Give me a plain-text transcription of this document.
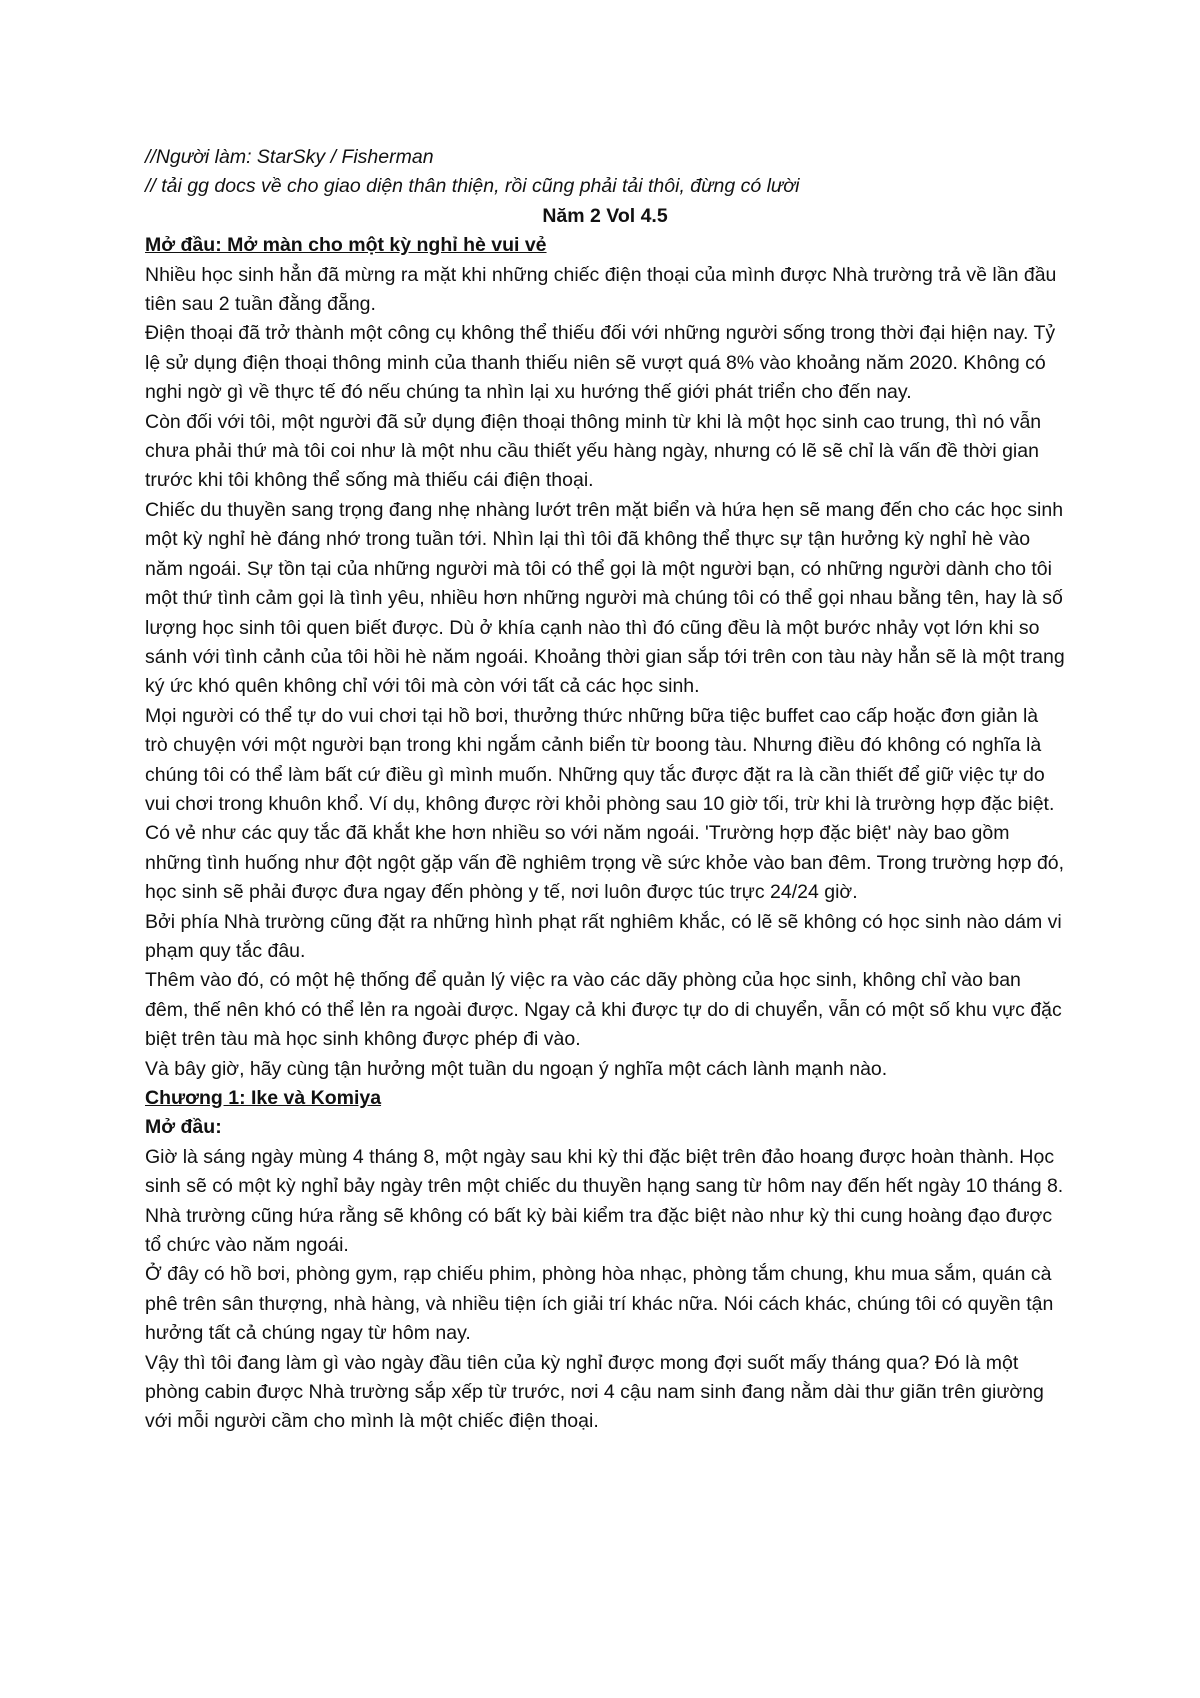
//Người làm: StarSky / Fisherman

// tải gg docs về cho giao diện thân thiện, rồi cũng phải tải thôi, đừng có lười

Năm 2 Vol 4.5

Mở đầu: Mở màn cho một kỳ nghỉ hè vui vẻ

Nhiều học sinh hẳn đã mừng ra mặt khi những chiếc điện thoại của mình được Nhà trường trả về lần đầu tiên sau 2 tuần đằng đẵng.

Điện thoại đã trở thành một công cụ không thể thiếu đối với những người sống trong thời đại hiện nay. Tỷ lệ sử dụng điện thoại thông minh của thanh thiếu niên sẽ vượt quá 8% vào khoảng năm 2020. Không có nghi ngờ gì về thực tế đó nếu chúng ta nhìn lại xu hướng thế giới phát triển cho đến nay.

Còn đối với tôi, một người đã sử dụng điện thoại thông minh từ khi là một học sinh cao trung, thì nó vẫn chưa phải thứ mà tôi coi như là một nhu cầu thiết yếu hàng ngày, nhưng có lẽ sẽ chỉ là vấn đề thời gian trước khi tôi không thể sống mà thiếu cái điện thoại.

Chiếc du thuyền sang trọng đang nhẹ nhàng lướt trên mặt biển và hứa hẹn sẽ mang đến cho các học sinh một kỳ nghỉ hè đáng nhớ trong tuần tới. Nhìn lại thì tôi đã không thể thực sự tận hưởng kỳ nghỉ hè vào năm ngoái. Sự tồn tại của những người mà tôi có thể gọi là một người bạn, có những người dành cho tôi một thứ tình cảm gọi là tình yêu, nhiều hơn những người mà chúng tôi có thể gọi nhau bằng tên, hay là số lượng học sinh tôi quen biết được. Dù ở khía cạnh nào thì đó cũng đều là một bước nhảy vọt lớn khi so sánh với tình cảnh của tôi hồi hè năm ngoái. Khoảng thời gian sắp tới trên con tàu này hẳn sẽ là một trang ký ức khó quên không chỉ với tôi mà còn với tất cả các học sinh.

Mọi người có thể tự do vui chơi tại hồ bơi, thưởng thức những bữa tiệc buffet cao cấp hoặc đơn giản là trò chuyện với một người bạn trong khi ngắm cảnh biển từ boong tàu. Nhưng điều đó không có nghĩa là chúng tôi có thể làm bất cứ điều gì mình muốn. Những quy tắc được đặt ra là cần thiết để giữ việc tự do vui chơi trong khuôn khổ. Ví dụ, không được rời khỏi phòng sau 10 giờ tối, trừ khi là trường hợp đặc biệt. Có vẻ như các quy tắc đã khắt khe hơn nhiều so với năm ngoái. 'Trường hợp đặc biệt' này bao gồm những tình huống như đột ngột gặp vấn đề nghiêm trọng về sức khỏe vào ban đêm. Trong trường hợp đó, học sinh sẽ phải được đưa ngay đến phòng y tế, nơi luôn được túc trực 24/24 giờ.

Bởi phía Nhà trường cũng đặt ra những hình phạt rất nghiêm khắc, có lẽ sẽ không có học sinh nào dám vi phạm quy tắc đâu.

Thêm vào đó, có một hệ thống để quản lý việc ra vào các dãy phòng của học sinh, không chỉ vào ban đêm, thế nên khó có thể lẻn ra ngoài được. Ngay cả khi được tự do di chuyển, vẫn có một số khu vực đặc biệt trên tàu mà học sinh không được phép đi vào.

Và bây giờ, hãy cùng tận hưởng một tuần du ngoạn ý nghĩa một cách lành mạnh nào.

Chương 1: Ike và Komiya

Mở đầu:

Giờ là sáng ngày mùng 4 tháng 8, một ngày sau khi kỳ thi đặc biệt trên đảo hoang được hoàn thành. Học sinh sẽ có một kỳ nghỉ bảy ngày trên một chiếc du thuyền hạng sang từ hôm nay đến hết ngày 10 tháng 8. Nhà trường cũng hứa rằng sẽ không có bất kỳ bài kiểm tra đặc biệt nào như kỳ thi cung hoàng đạo được tổ chức vào năm ngoái.

Ở đây có hồ bơi, phòng gym, rạp chiếu phim, phòng hòa nhạc, phòng tắm chung, khu mua sắm, quán cà phê trên sân thượng, nhà hàng, và nhiều tiện ích giải trí khác nữa. Nói cách khác, chúng tôi có quyền tận hưởng tất cả chúng ngay từ hôm nay.

Vậy thì tôi đang làm gì vào ngày đầu tiên của kỳ nghỉ được mong đợi suốt mấy tháng qua? Đó là một phòng cabin được Nhà trường sắp xếp từ trước, nơi 4 cậu nam sinh đang nằm dài thư giãn trên giường với mỗi người cầm cho mình là một chiếc điện thoại.
